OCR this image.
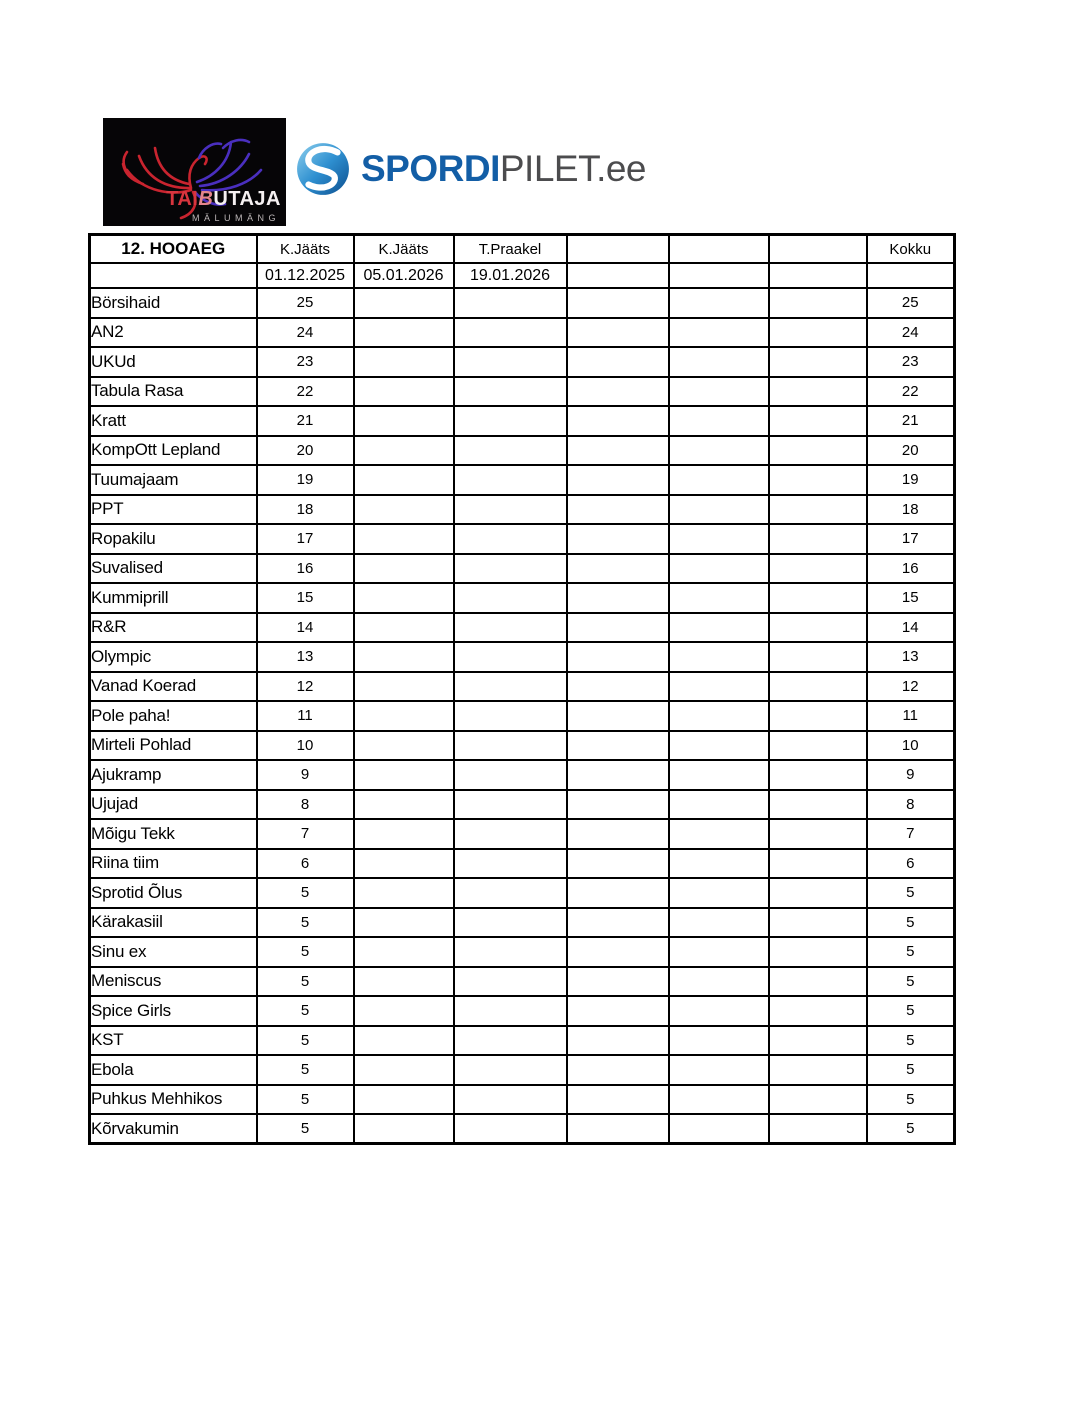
TAIBUTAJA
MÄLUMÄNG
SPORDIPILET.ee
12. HOOAEG	K.Jääts	K.Jääts	T.Praakel				Kokku
	01.12.2025	05.01.2026	19.01.2026				
Börsihaid	25						25
AN2	24						24
UKUd	23						23
Tabula Rasa	22						22
Kratt	21						21
KompOtt Lepland	20						20
Tuumajaam	19						19
PPT	18						18
Ropakilu	17						17
Suvalised	16						16
Kummiprill	15						15
R&R	14						14
Olympic	13						13
Vanad Koerad	12						12
Pole paha!	11						11
Mirteli Pohlad	10						10
Ajukramp	9						9
Ujujad	8						8
Mõigu Tekk	7						7
Riina tiim	6						6
Sprotid Õlus	5						5
Kärakasiil	5						5
Sinu ex	5						5
Meniscus	5						5
Spice Girls	5						5
KST	5						5
Ebola	5						5
Puhkus Mehhikos	5						5
Kõrvakumin	5						5
